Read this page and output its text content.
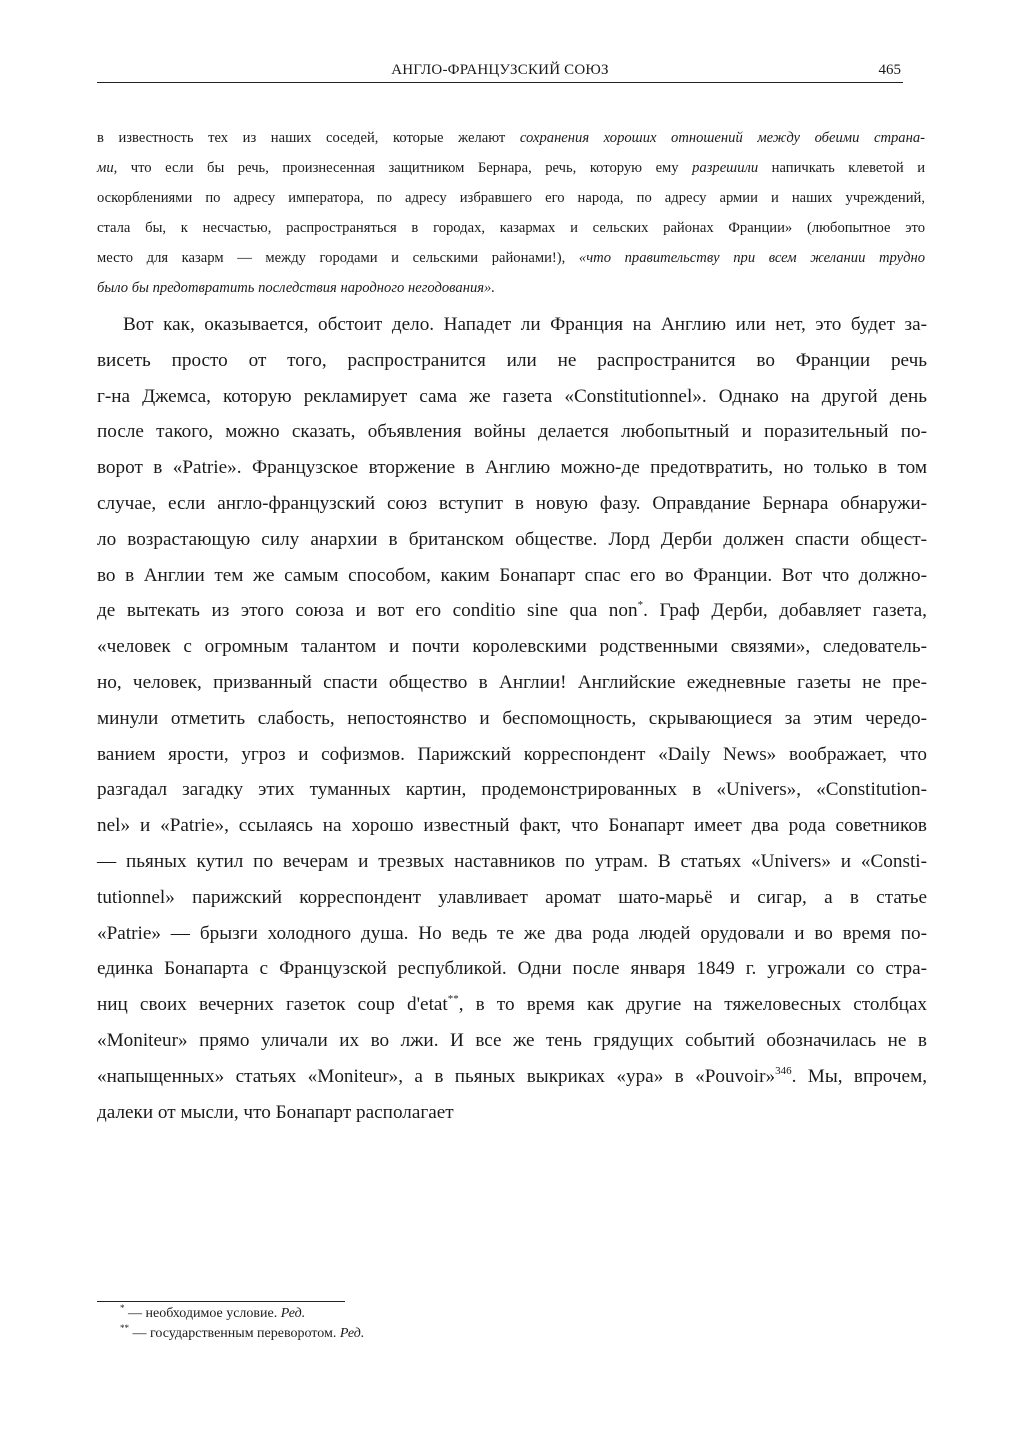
АНГЛО-ФРАНЦУЗСКИЙ СОЮЗ	465
в известность тех из наших соседей, которые желают сохранения хороших отношений между обеими страна-
ми, что если бы речь, произнесенная защитником Бернара, речь, которую ему разрешили напичкать клеветой и
оскорблениями по адресу императора, по адресу избравшего его народа, по адресу армии и наших учреждений,
стала бы, к несчастью, распространяться в городах, казармах и сельских районах Франции» (любопытное это
место для казарм — между городами и сельскими районами!), «что правительству при всем желании трудно
было бы предотвратить последствия народного негодования».
Вот как, оказывается, обстоит дело. Нападет ли Франция на Англию или нет, это будет за-
висеть просто от того, распространится или не распространится во Франции речь
г-на Джемса, которую рекламирует сама же газета «Constitutionnel». Однако на другой день
после такого, можно сказать, объявления войны делается любопытный и поразительный по-
ворот в «Patrie». Французское вторжение в Англию можно-де предотвратить, но только в том
случае, если англо-французский союз вступит в новую фазу. Оправдание Бернара обнаружи-
ло возрастающую силу анархии в британском обществе. Лорд Дерби должен спасти общест-
во в Англии тем же самым способом, каким Бонапарт спас его во Франции. Вот что должно-
де вытекать из этого союза и вот его conditio sine qua non*. Граф Дерби, добавляет газета,
«человек с огромным талантом и почти королевскими родственными связями», следователь-
но, человек, призванный спасти общество в Англии! Английские ежедневные газеты не пре-
минули отметить слабость, непостоянство и беспомощность, скрывающиеся за этим чередо-
ванием ярости, угроз и софизмов. Парижский корреспондент «Daily News» воображает, что
разгадал загадку этих туманных картин, продемонстрированных в «Univers», «Constitution-
nel» и «Patrie», ссылаясь на хорошо известный факт, что Бонапарт имеет два рода советников
— пьяных кутил по вечерам и трезвых наставников по утрам. В статьях «Univers» и «Consti-
tutionnel» парижский корреспондент улавливает аромат шато-марьё и сигар, а в статье
«Patrie» — брызги холодного душа. Но ведь те же два рода людей орудовали и во время по-
единка Бонапарта с Французской республикой. Одни после января 1849 г. угрожали со стра-
ниц своих вечерних газеток coup d'etat**, в то время как другие на тяжеловесных столбцах
«Moniteur» прямо уличали их во лжи. И все же тень грядущих событий обозначилась не в
«напыщенных» статьях «Moniteur», а в пьяных выкриках «ура» в «Pouvoir»$^{346}$. Мы, впрочем,
далеки от мысли, что Бонапарт располагает
* — необходимое условие. Ред.
** — государственным переворотом. Ред.
